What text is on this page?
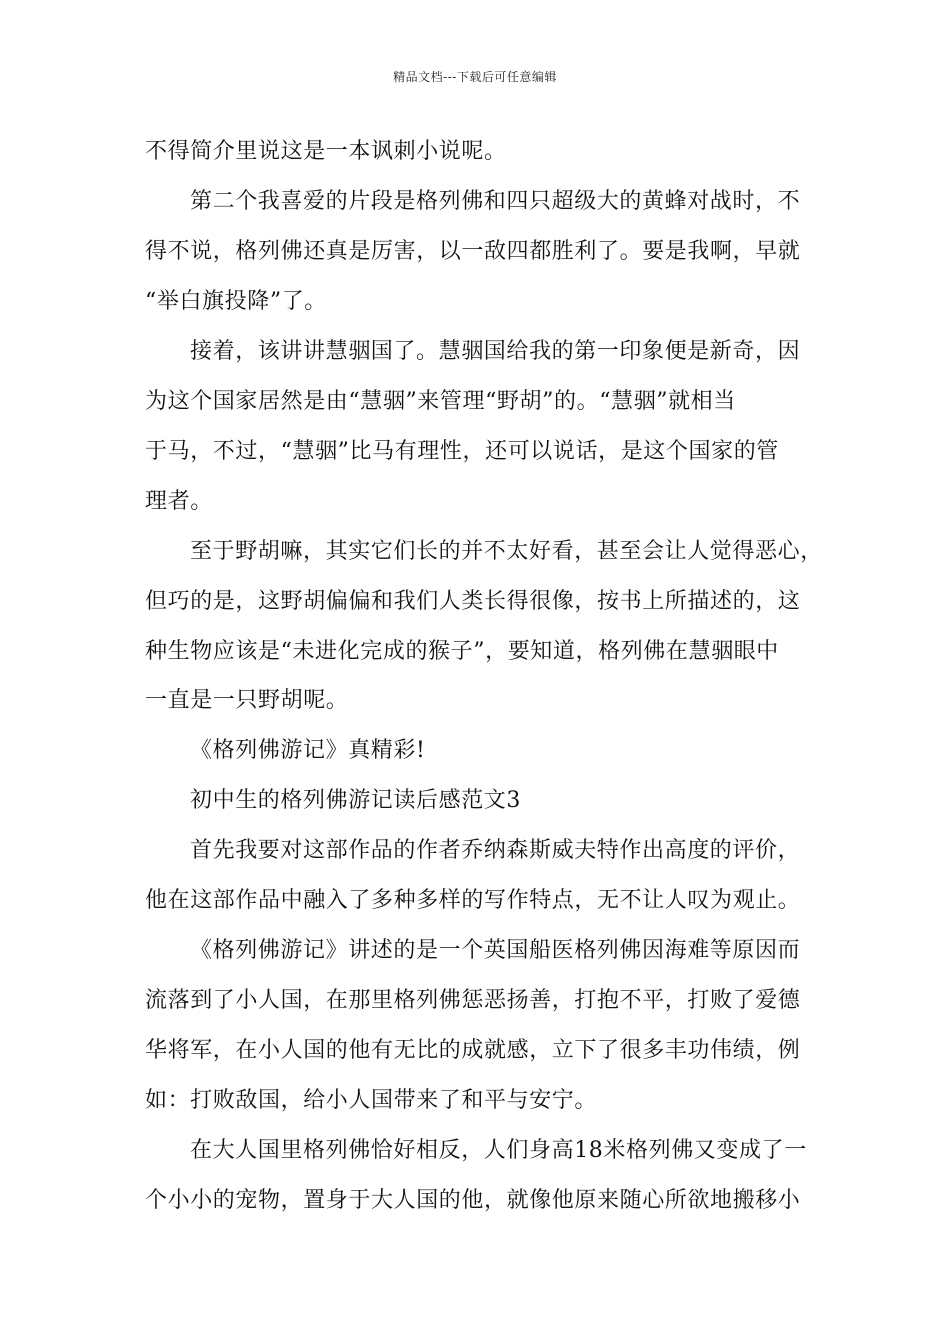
精品文档---下载后可任意编辑
不得简介里说这是一本讽刺小说呢。
第二个我喜爱的片段是格列佛和四只超级大的黄蜂对战时，不
得不说，格列佛还真是厉害，以一敌四都胜利了。要是我啊，早就
“举白旗投降”了。
接着，该讲讲慧骃国了。慧骃国给我的第一印象便是新奇，因
为这个国家居然是由“慧骃”来管理“野胡”的。“慧骃”就相当
于马，不过，“慧骃”比马有理性，还可以说话，是这个国家的管
理者。
至于野胡嘛，其实它们长的并不太好看，甚至会让人觉得恶心，
但巧的是，这野胡偏偏和我们人类长得很像，按书上所描述的，这
种生物应该是“未进化完成的猴子”，要知道，格列佛在慧骃眼中
一直是一只野胡呢。
《格列佛游记》真精彩!
初中生的格列佛游记读后感范文3
首先我要对这部作品的作者乔纳森斯威夫特作出高度的评价，
他在这部作品中融入了多种多样的写作特点，无不让人叹为观止。
《格列佛游记》讲述的是一个英国船医格列佛因海难等原因而
流落到了小人国，在那里格列佛惩恶扬善，打抱不平，打败了爱德
华将军，在小人国的他有无比的成就感，立下了很多丰功伟绩，例
如：打败敌国，给小人国带来了和平与安宁。
在大人国里格列佛恰好相反，人们身高18米格列佛又变成了一
个小小的宠物，置身于大人国的他，就像他原来随心所欲地搬移小
